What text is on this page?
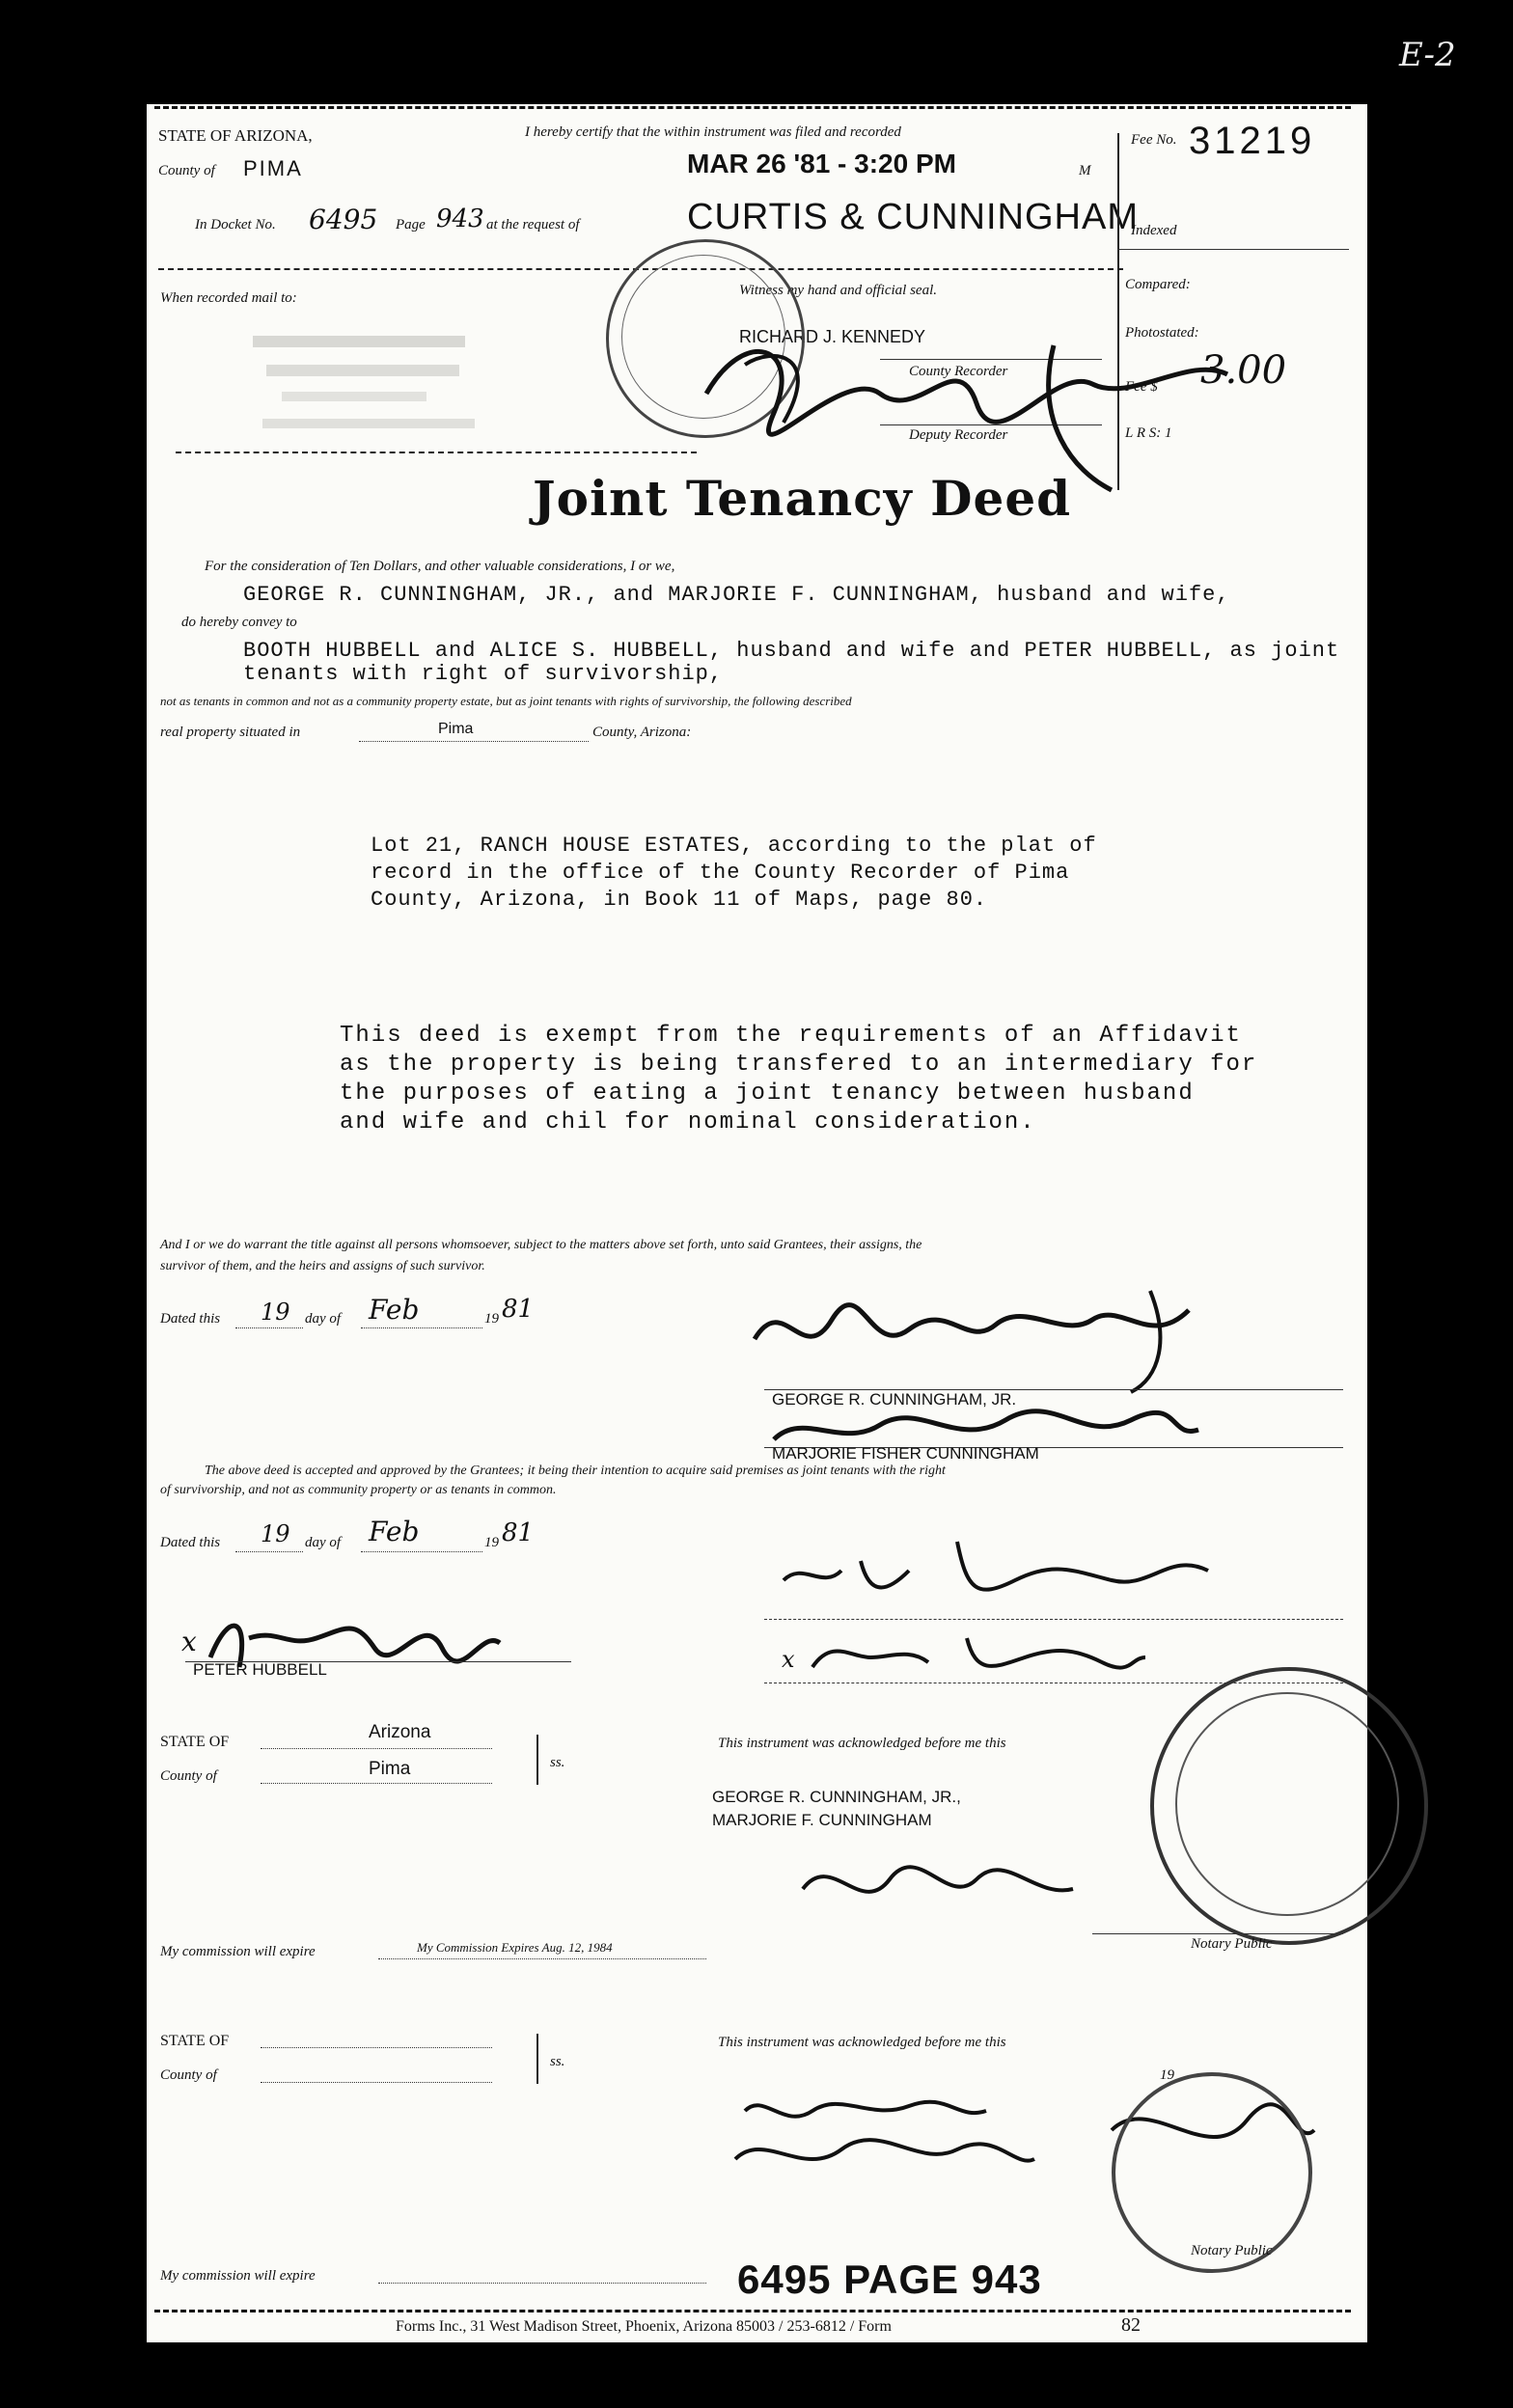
E-2
STATE OF ARIZONA,
County of PIMA
I hereby certify that the within instrument was filed and recorded
MAR 26 '81 - 3:20 PM	M
Fee No. 31219
In Docket No. 6495 Page 943 at the request of	CURTIS & CUNNINGHAM
Indexed
When recorded mail to:	Witness my hand and official seal.
RICHARD J. KENNEDY
County Recorder
Deputy Recorder
Compared:
Photostated:
Fee $ 3.00
L R S: 1
Joint Tenancy Deed
For the consideration of Ten Dollars, and other valuable considerations, I or we,
GEORGE R. CUNNINGHAM, JR., and MARJORIE F. CUNNINGHAM, husband and wife,
do hereby convey to
BOOTH HUBBELL and ALICE S. HUBBELL, husband and wife and PETER HUBBELL, as joint
tenants with right of survivorship,
not as tenants in common and not as a community property estate, but as joint tenants with rights of survivorship, the following described
real property situated in	Pima	County, Arizona:
Lot 21, RANCH HOUSE ESTATES, according to the plat of
record in the office of the County Recorder of Pima
County, Arizona, in Book 11 of Maps, page 80.
This deed is exempt from the requirements of an Affidavit
as the property is being transfered to an intermediary for
the purposes of eating a joint tenancy between husband
and wife and chil for nominal consideration.
And I or we do warrant the title against all persons whomsoever, subject to the matters above set forth, unto said Grantees, their assigns, the
survivor of them, and the heirs and assigns of such survivor.
Dated this 19 day of Feb	19 81
GEORGE R. CUNNINGHAM, JR.
MARJORIE FISHER CUNNINGHAM
The above deed is accepted and approved by the Grantees; it being their intention to acquire said premises as joint tenants with the right
of survivorship, and not as community property or as tenants in common.
Dated this 19 day of Feb	19 81
x
PETER HUBBELL	x
STATE OF	Arizona
County of	Pima	ss.
This instrument was acknowledged before me this
GEORGE R. CUNNINGHAM, JR.,
MARJORIE F. CUNNINGHAM
Notary Public
My commission will expire	My Commission Expires Aug. 12, 1984
STATE OF
County of
ss.
This instrument was acknowledged before me this
19
Notary Public
My commission will expire	6495 PAGE 943
Forms Inc., 31 West Madison Street, Phoenix, Arizona 85003 / 253-6812 / Form	82
